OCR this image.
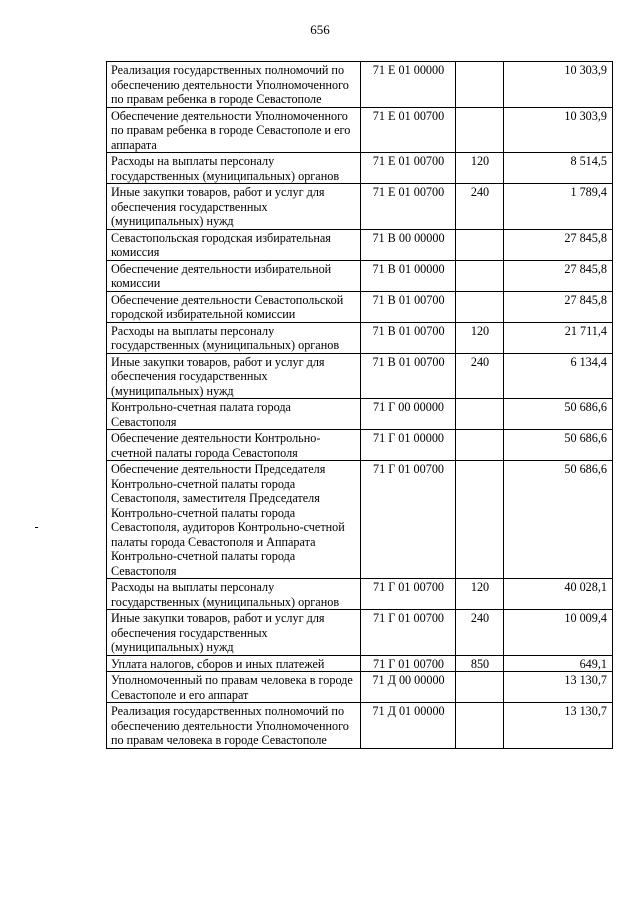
656
Реализация государственных полномочий по обеспечению деятельности Уполномоченного по правам ребенка в городе Севастополе	71 Е 01 00000		10 303,9
Обеспечение деятельности Уполномоченного по правам ребенка в городе Севастополе и его аппарата	71 Е 01 00700		10 303,9
Расходы на выплаты персоналу государственных (муниципальных) органов	71 Е 01 00700	120	8 514,5
Иные закупки товаров, работ и услуг для обеспечения государственных (муниципальных) нужд	71 Е 01 00700	240	1 789,4
Севастопольская городская избирательная комиссия	71 В 00 00000		27 845,8
Обеспечение деятельности избирательной комиссии	71 В 01 00000		27 845,8
Обеспечение деятельности Севастопольской городской избирательной комиссии	71 В 01 00700		27 845,8
Расходы на выплаты персоналу государственных (муниципальных) органов	71 В 01 00700	120	21 711,4
Иные закупки товаров, работ и услуг для обеспечения государственных (муниципальных) нужд	71 В 01 00700	240	6 134,4
Контрольно-счетная палата города Севастополя	71 Г 00 00000		50 686,6
Обеспечение деятельности Контрольно-счетной палаты города Севастополя	71 Г 01 00000		50 686,6
Обеспечение деятельности Председателя Контрольно-счетной палаты города Севастополя, заместителя Председателя Контрольно-счетной палаты города Севастополя, аудиторов Контрольно-счетной палаты города Севастополя и Аппарата Контрольно-счетной палаты города Севастополя	71 Г 01 00700		50 686,6
Расходы на выплаты персоналу государственных (муниципальных) органов	71 Г 01 00700	120	40 028,1
Иные закупки товаров, работ и услуг для обеспечения государственных (муниципальных) нужд	71 Г 01 00700	240	10 009,4
Уплата налогов, сборов и иных платежей	71 Г 01 00700	850	649,1
Уполномоченный по правам человека в городе Севастополе и его аппарат	71 Д 00 00000		13 130,7
Реализация государственных полномочий по обеспечению деятельности Уполномоченного по правам человека в городе Севастополе	71 Д 01 00000		13 130,7
